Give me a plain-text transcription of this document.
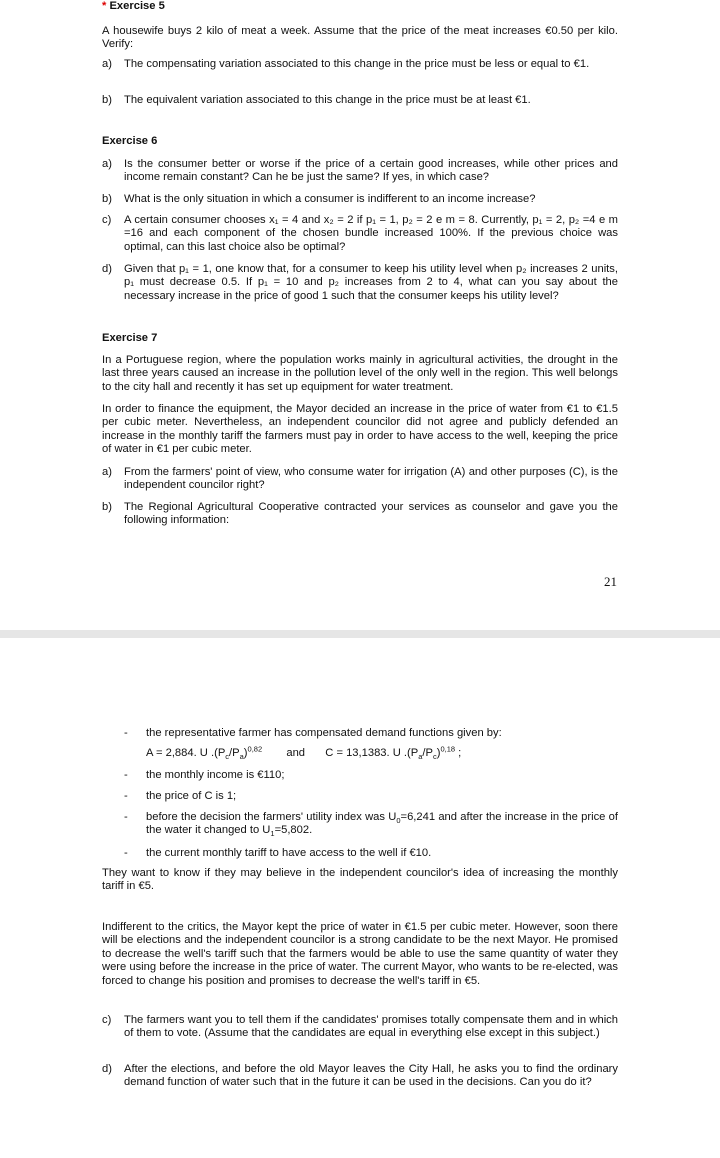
* Exercise 5
A housewife buys 2 kilo of meat a week. Assume that the price of the meat increases €0.50 per kilo. Verify:
a) The compensating variation associated to this change in the price must be less or equal to €1.
b) The equivalent variation associated to this change in the price must be at least €1.
Exercise 6
a) Is the consumer better or worse if the price of a certain good increases, while other prices and income remain constant? Can he be just the same? If yes, in which case?
b) What is the only situation in which a consumer is indifferent to an income increase?
c) A certain consumer chooses x₁ = 4 and x₂ = 2 if p₁ = 1, p₂ = 2 e m = 8. Currently, p₁ = 2, p₂ =4 e m =16 and each component of the chosen bundle increased 100%. If the previous choice was optimal, can this last choice also be optimal?
d) Given that p₁ = 1, one know that, for a consumer to keep his utility level when p₂ increases 2 units, p₁ must decrease 0.5. If p₁ = 10 and p₂ increases from 2 to 4, what can you say about the necessary increase in the price of good 1 such that the consumer keeps his utility level?
Exercise 7
In a Portuguese region, where the population works mainly in agricultural activities, the drought in the last three years caused an increase in the pollution level of the only well in the region. This well belongs to the city hall and recently it has set up equipment for water treatment.
In order to finance the equipment, the Mayor decided an increase in the price of water from €1 to €1.5 per cubic meter. Nevertheless, an independent councilor did not agree and publicly defended an increase in the monthly tariff the farmers must pay in order to have access to the well, keeping the price of water in €1 per cubic meter.
a) From the farmers' point of view, who consume water for irrigation (A) and other purposes (C), is the independent councilor right?
b) The Regional Agricultural Cooperative contracted your services as counselor and gave you the following information:
21
- the representative farmer has compensated demand functions given by:
A = 2,884. U $.(P_c/P_a)^{0,82}$ and C = 13,1383. U $.(P_a/P_c)^{0,18}$ ;
- the monthly income is €110;
- the price of C is 1;
- before the decision the farmers' utility index was $U_0=6,241$ and after the increase in the price of the water it changed to $U_1=5,802$.
- the current monthly tariff to have access to the well if €10.
They want to know if they may believe in the independent councilor's idea of increasing the monthly tariff in €5.
Indifferent to the critics, the Mayor kept the price of water in €1.5 per cubic meter. However, soon there will be elections and the independent councilor is a strong candidate to be the next Mayor. He promised to decrease the well's tariff such that the farmers would be able to use the same quantity of water they were using before the increase in the price of water. The current Mayor, who wants to be re-elected, was forced to change his position and promises to decrease the well's tariff in €5.
c) The farmers want you to tell them if the candidates' promises totally compensate them and in which of them to vote. (Assume that the candidates are equal in everything else except in this subject.)
d) After the elections, and before the old Mayor leaves the City Hall, he asks you to find the ordinary demand function of water such that in the future it can be used in the decisions. Can you do it?
